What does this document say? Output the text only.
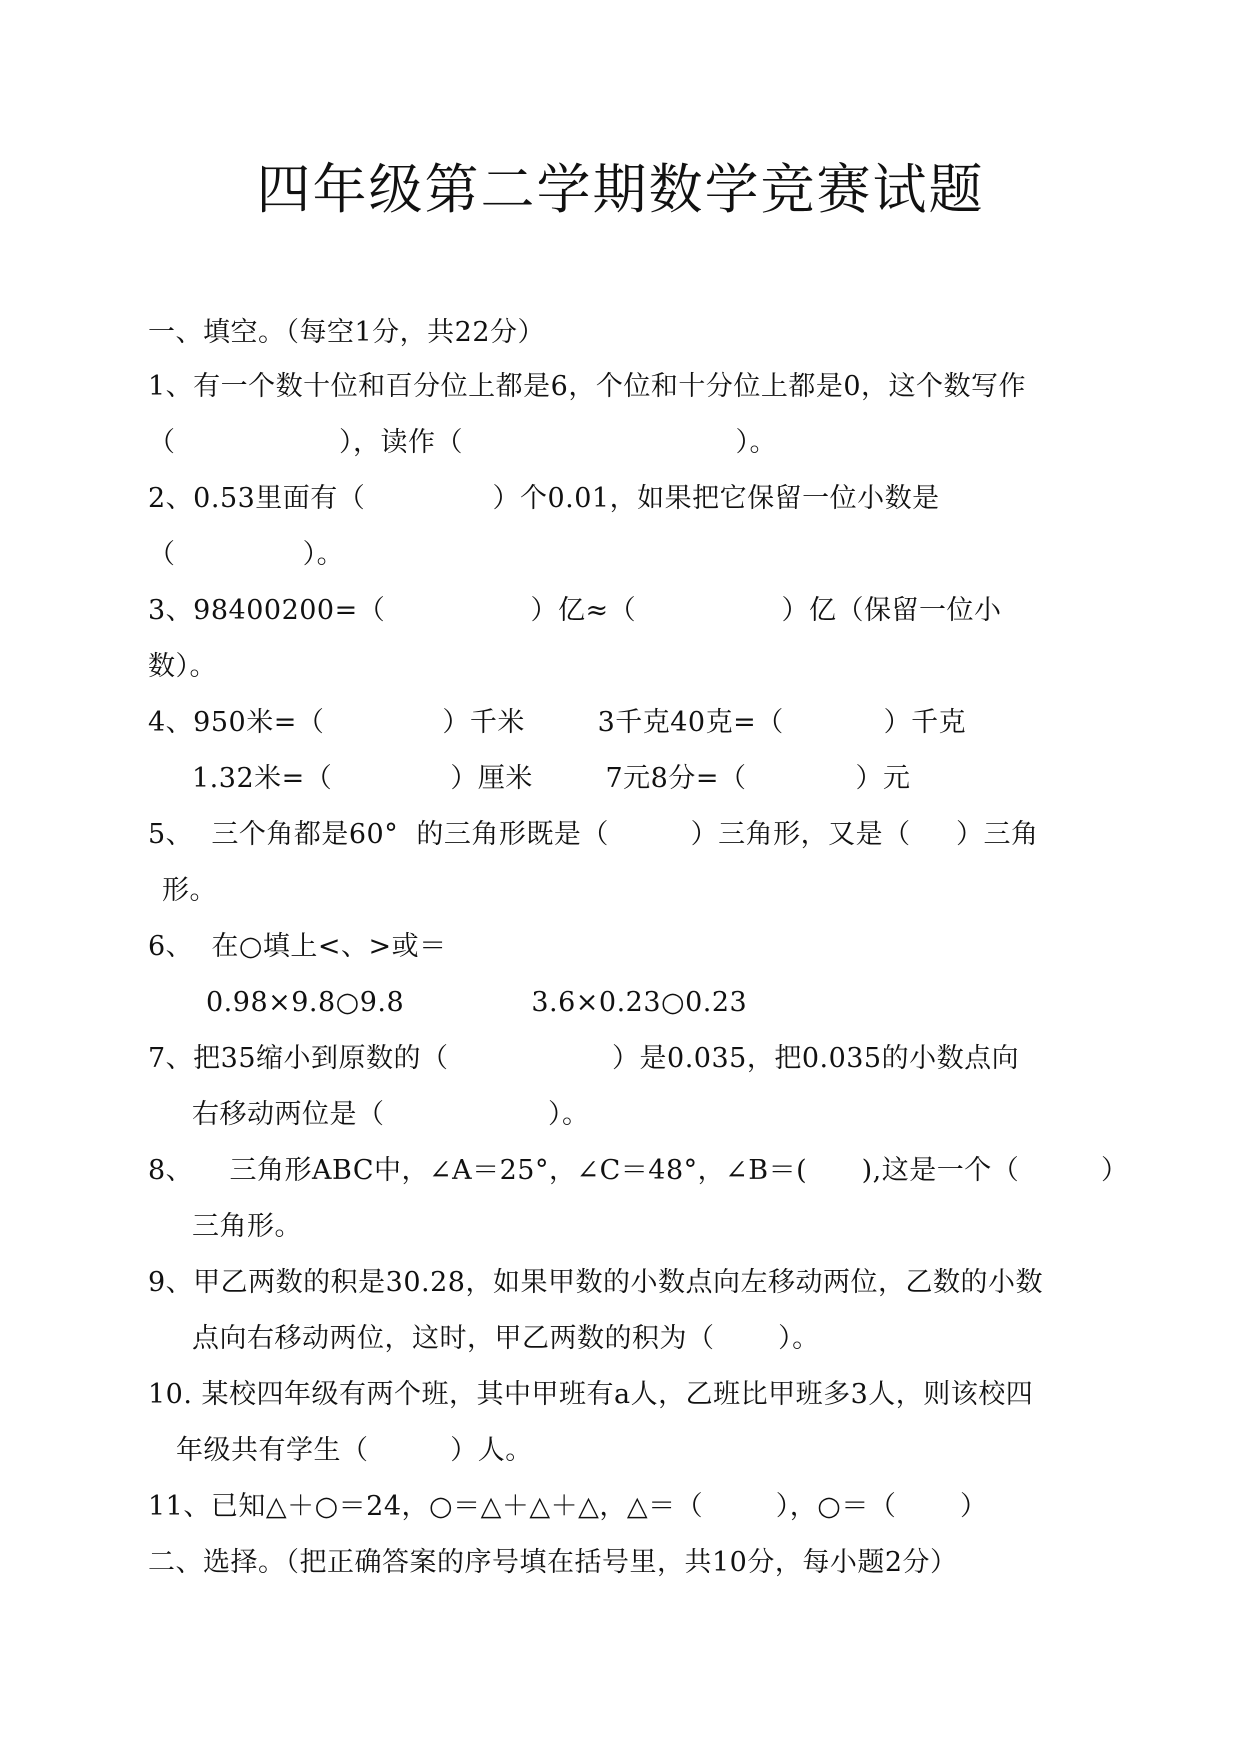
四年级第二学期数学竞赛试题
一、填空。（每空1分，共22分）
1、有一个数十位和百分位上都是6，个位和十分位上都是0，这个数写作
（                  ），读作（                              ）。
2、0.53里面有（              ）个0.01，如果把它保留一位小数是
（              ）。
3、98400200=（                ）亿≈（                ）亿（保留一位小
数）。
4、950米=（             ）千米        3千克40克=（           ）千克
1.32米=（             ）厘米        7元8分=（            ）元
5、  三个角都是60°  的三角形既是（         ）三角形，又是（     ）三角
形。
6、  在○填上<、>或＝
0.98×9.8○9.8              3.6×0.23○0.23
7、把35缩小到原数的（                  ）是0.035，把0.035的小数点向
右移动两位是（                  ）。
8、    三角形ABC中，∠A＝25°，∠C＝48°，∠B＝(      ),这是一个（         ）
三角形。
9、甲乙两数的积是30.28，如果甲数的小数点向左移动两位，乙数的小数
点向右移动两位，这时，甲乙两数的积为（       ）。
10. 某校四年级有两个班，其中甲班有a人，乙班比甲班多3人，则该校四
年级共有学生（         ）人。
11、已知△＋○＝24，○＝△＋△＋△，△＝（        ），○＝（       ）
二、选择。（把正确答案的序号填在括号里，共10分，每小题2分）
